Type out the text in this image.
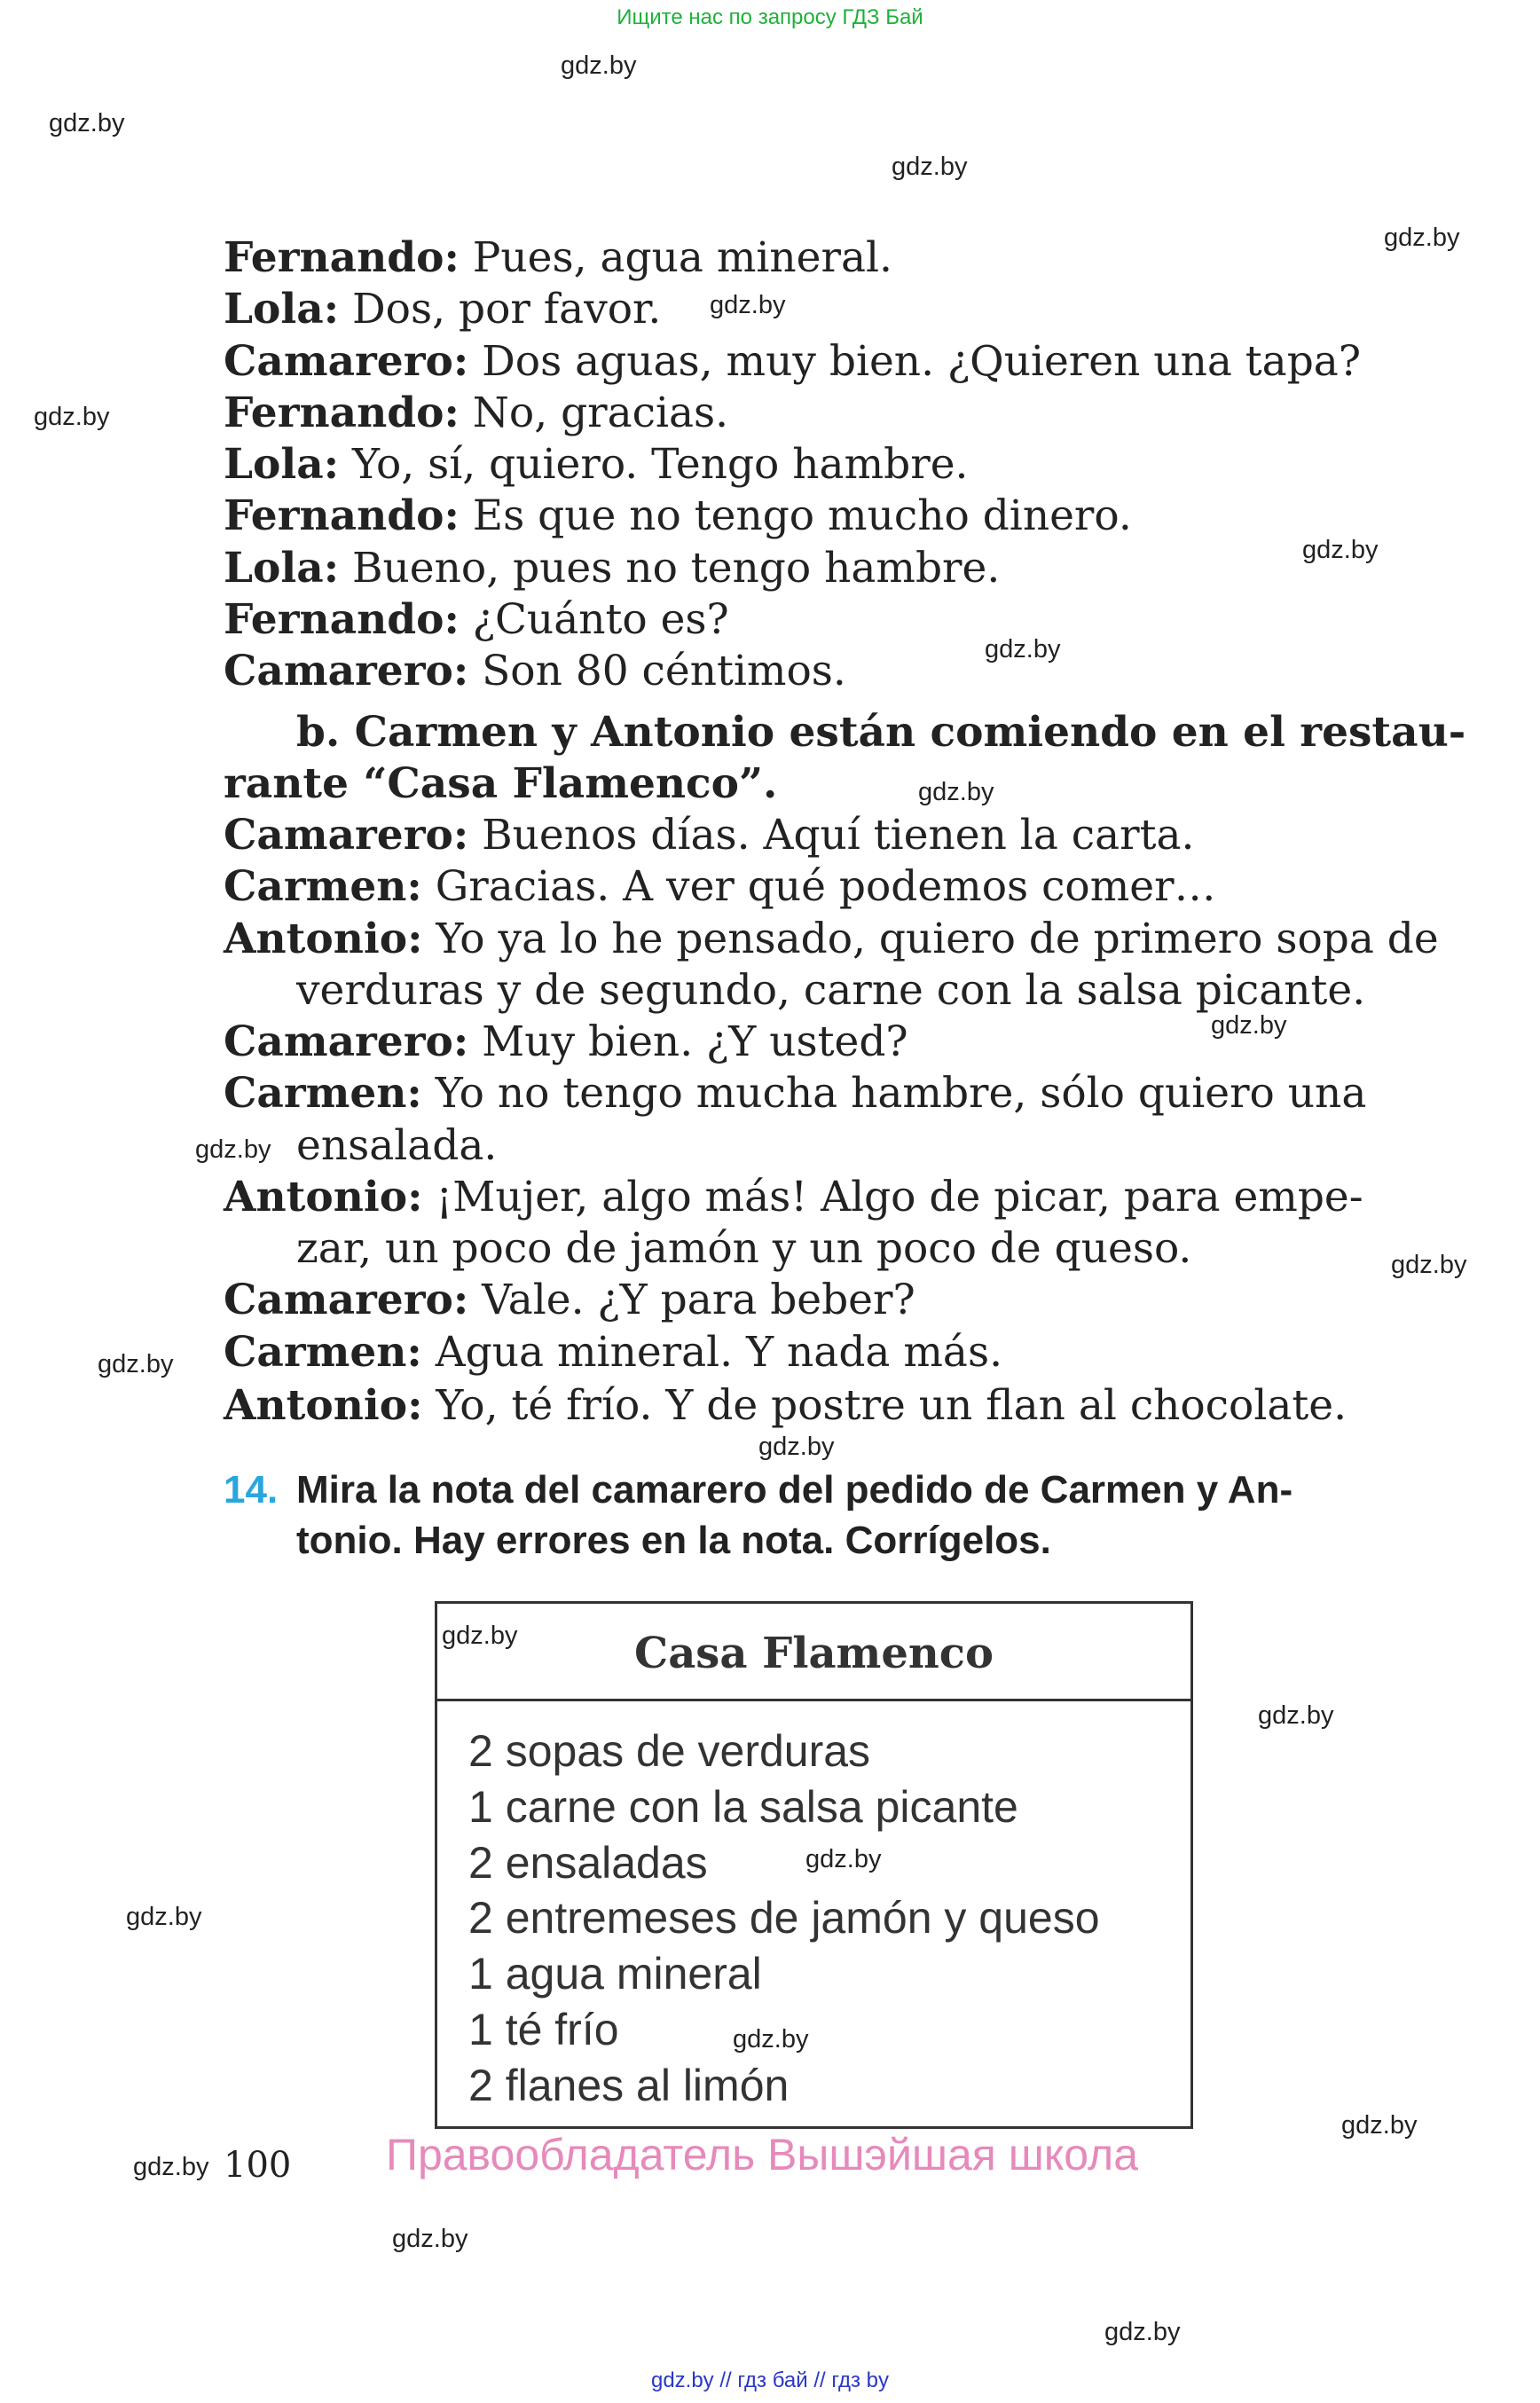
Ищите нас по запросу ГДЗ Бай
gdz.by
gdz.by
gdz.by
gdz.by
gdz.by
gdz.by
gdz.by
gdz.by
gdz.by
gdz.by
gdz.by
gdz.by
gdz.by
gdz.by
gdz.by
gdz.by
gdz.by
gdz.by
gdz.by
gdz.by
gdz.by
gdz.by
Fernando: Pues, agua mineral.
Lola: Dos, por favor.
Camarero: Dos aguas, muy bien. ¿Quieren una tapa?
Fernando: No, gracias.
Lola: Yo, sí, quiero. Tengo hambre.
Fernando: Es que no tengo mucho dinero.
Lola: Bueno, pues no tengo hambre.
Fernando: ¿Cuánto es?
Camarero: Son 80 céntimos.
b. Carmen y Antonio están comiendo en el restau-
rante “Casa Flamenco”.
Camarero: Buenos días. Aquí tienen la carta.
Carmen: Gracias. A ver qué podemos comer…
Antonio: Yo ya lo he pensado, quiero de primero sopa de
verduras y de segundo, carne con la salsa picante.
Camarero: Muy bien. ¿Y usted?
Carmen: Yo no tengo mucha hambre, sólo quiero una
ensalada.
Antonio: ¡Mujer, algo más! Algo de picar, para empe-
zar, un poco de jamón y un poco de queso.
Camarero: Vale. ¿Y para beber?
Carmen: Agua mineral. Y nada más.
Antonio: Yo, té frío. Y de postre un flan al chocolate.
14. Mira la nota del camarero del pedido de Carmen y An-
tonio. Hay errores en la nota. Corrígelos.
Casa Flamenco
2 sopas de verduras
1 carne con la salsa picante
2 ensaladas
2 entremeses de jamón y queso
1 agua mineral
1 té frío
2 flanes al limón
gdz.by
100 Правообладатель Вышэйшая школа
gdz.by // гдз бай // гдз by
